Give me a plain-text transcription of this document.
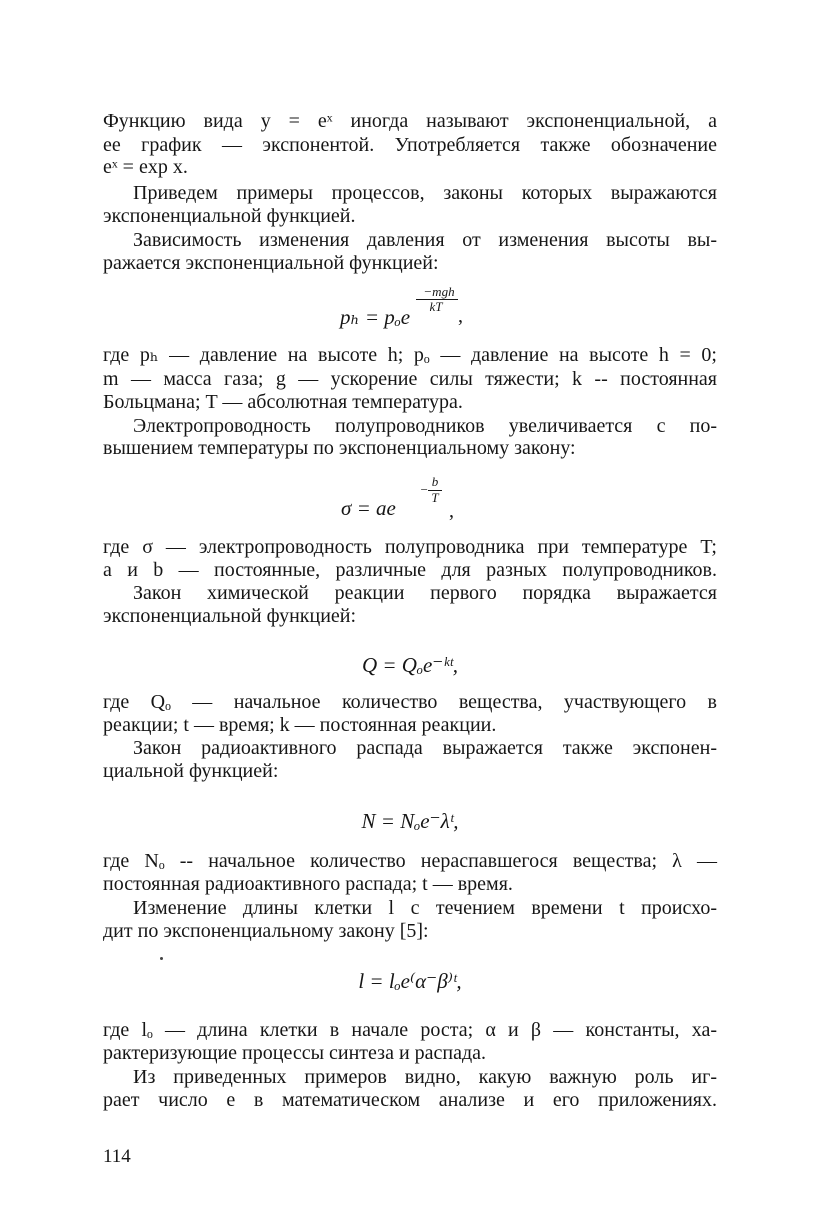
Функцию вида y = eˣ иногда называют экспоненциальной, а
ее график — экспонентой. Употребляется также обозначение
eˣ = exp x.
Приведем примеры процессов, законы которых выражаются
экспоненциальной функцией.
Зависимость изменения давления от изменения высоты вы-
ражается экспоненциальной функцией:
−mgh
kT
pₕ = pₒe ,
где pₕ — давление на высоте h; pₒ — давление на высоте h = 0;
m — масса газа; g — ускорение силы тяжести; k -- постоянная
Больцмана; T — абсолютная температура.
Электропроводность полупроводников увеличивается с по-
вышением температуры по экспоненциальному закону:
−
b
T
σ = ae	,
где σ — электропроводность полупроводника при температуре T;
a и b — постоянные, различные для разных полупроводников.
Закон химической реакции первого порядка выражается
экспоненциальной функцией:
Q = Qₒe⁻ᵏᵗ,
где Qₒ — начальное количество вещества, участвующего в
реакции; t — время; k — постоянная реакции.
Закон радиоактивного распада выражается также экспонен-
циальной функцией:
N = Nₒe⁻λᵗ,
где Nₒ -- начальное количество нераспавшегося вещества; λ —
постоянная радиоактивного распада; t — время.
Изменение длины клетки l с течением времени t происхо-
дит по экспоненциальному закону [5]:
l = lₒe⁽α⁻β⁾ᵗ,
где lₒ — длина клетки в начале роста; α и β — константы, ха-
рактеризующие процессы синтеза и распада.
Из приведенных примеров видно, какую важную роль иг-
рает число e в математическом анализе и его приложениях.
114
